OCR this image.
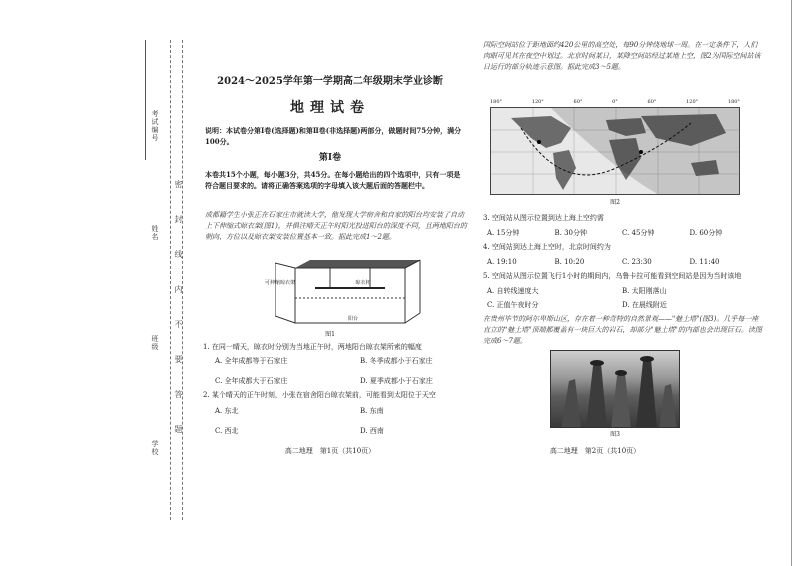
考试编号
姓名
班级
学校
密
封
线
内
不
要
答
题
2024～2025学年第一学期高二年级期末学业诊断
地理试卷
说明：本试卷分第Ⅰ卷(选择题)和第Ⅱ卷(非选择题)两部分，做题时间75分钟，满分100分。
第Ⅰ卷
本卷共15个小题，每小题3分，共45分。在每小题给出的四个选项中，只有一项是符合题目要求的。请将正确答案选项的字母填入该大题后面的答题栏中。
成都籍学生小张正在石家庄市就读大学，他发现大学宿舍和自家的阳台均安装了自动上下伸缩式晾衣架(图1)，并俱注晴天正午时阳光投进阳台的深度不同，且两地阳台的朝向、方位以及晾衣架安装位置基本一致。据此完成1～2题。
可伸缩晾衣架	晾衣杆
阳台
图1
1. 在同一晴天，晾衣时分别为当地正午时，两地阳台晾衣架所索的幅度
A. 全年成都等于石家庄	B. 冬季成都小于石家庄
C. 全年成都大于石家庄	D. 夏季成都小于石家庄
2. 某个晴天的正午时刻，小张在宿舍阳台晾衣架前，可能看到太阳位于天空
A. 东北	B. 东南
C. 西北	D. 西南
高二地理　第1页（共10页）
国际空间站位于距地面约420公里的高空处，每90分钟绕地球一周。在一定条件下，人们肉眼可见其在夜空中划过。北京时间某日，某降空间站经过某地上空，图2为国际空间站该日运行的部分轨迹示意图。据此完成3～5题。
180°	120°	60°	0°	60°	120°	180°
图2
3. 空间站从图示位置到达上海上空约需
A. 15分钟	B. 30分钟	C. 45分钟	D. 60分钟
4. 空间站到达上海上空时，北京时间约为
A. 19:10	B. 10:20	C. 23:30	D. 11:40
5. 空间站从图示位置飞行1小时的期间内，乌鲁卡拉可能看到空间站是因为当时该地
A. 自转线速度大	B. 太阳刚落山
C. 正值午夜时分	D. 在晨线附近
在贵州毕节的阿尔卑斯山区，存在着一种奇特的自然景观——"魅土塔"(图3)。几乎每一座直立的"魅土塔"顶端都覆盖有一块巨大的岩石，却部分"魅土塔"的内部也会出现巨石。读图完成6～7题。
图3
高二地理　第2页（共10页）
